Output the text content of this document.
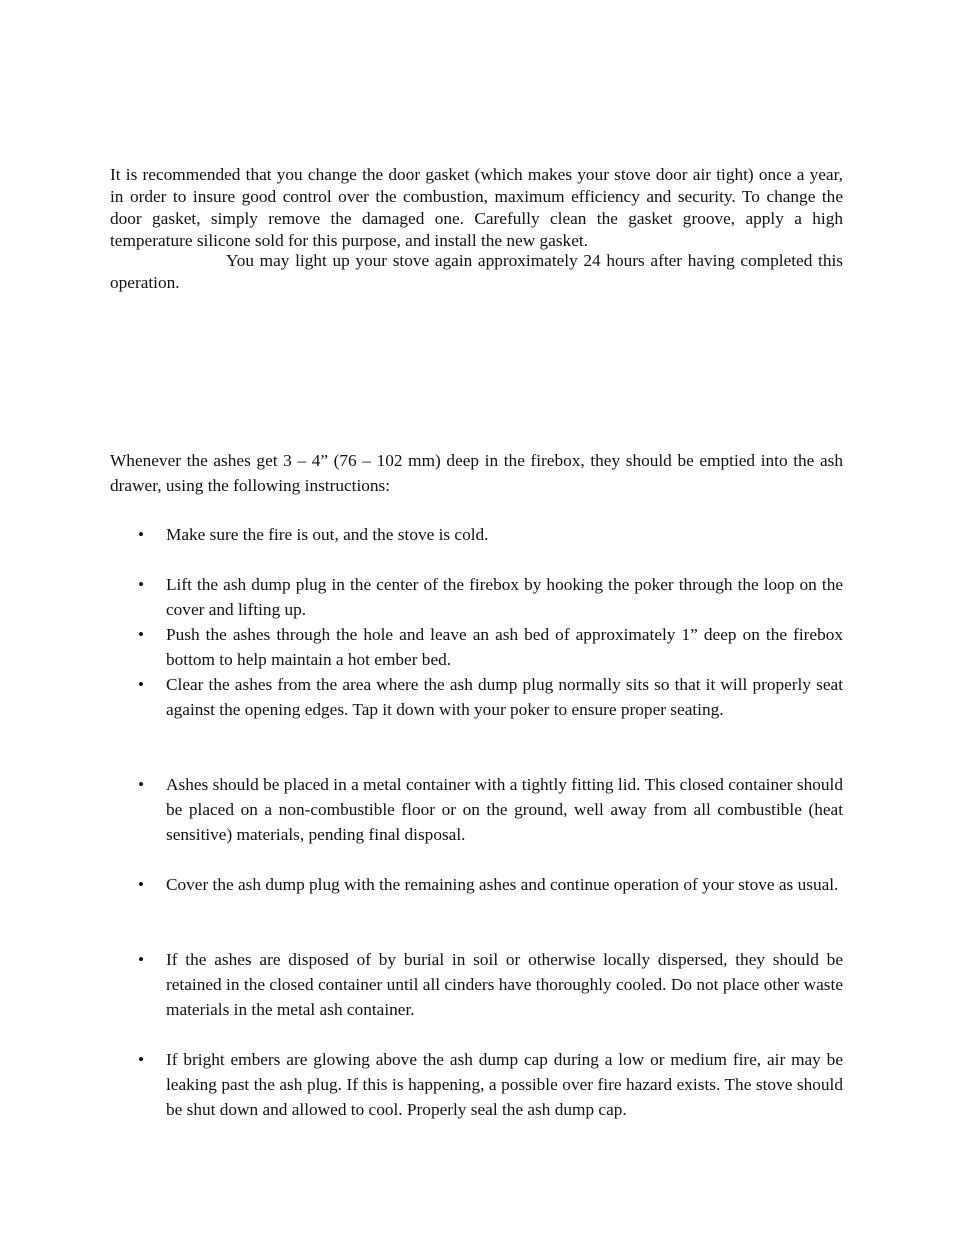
It is recommended that you change the door gasket (which makes your stove door air tight) once a year, in order to insure good control over the combustion, maximum efficiency and security. To change the door gasket, simply remove the damaged one. Carefully clean the gasket groove, apply a high temperature silicone sold for this purpose, and install the new gasket.

You may light up your stove again approximately 24 hours after having completed this operation.

Whenever the ashes get 3 – 4” (76 – 102 mm) deep in the firebox, they should be emptied into the ash drawer, using the following instructions:

• Make sure the fire is out, and the stove is cold.

• Lift the ash dump plug in the center of the firebox by hooking the poker through the loop on the cover and lifting up.

• Push the ashes through the hole and leave an ash bed of approximately 1” deep on the firebox bottom to help maintain a hot ember bed.

• Clear the ashes from the area where the ash dump plug normally sits so that it will properly seat against the opening edges. Tap it down with your poker to ensure proper seating.

• Ashes should be placed in a metal container with a tightly fitting lid. This closed container should be placed on a non-combustible floor or on the ground, well away from all combustible (heat sensitive) materials, pending final disposal.

• Cover the ash dump plug with the remaining ashes and continue operation of your stove as usual.

• If the ashes are disposed of by burial in soil or otherwise locally dispersed, they should be retained in the closed container until all cinders have thoroughly cooled. Do not place other waste materials in the metal ash container.

• If bright embers are glowing above the ash dump cap during a low or medium fire, air may be leaking past the ash plug. If this is happening, a possible over fire hazard exists. The stove should be shut down and allowed to cool. Properly seal the ash dump cap.
